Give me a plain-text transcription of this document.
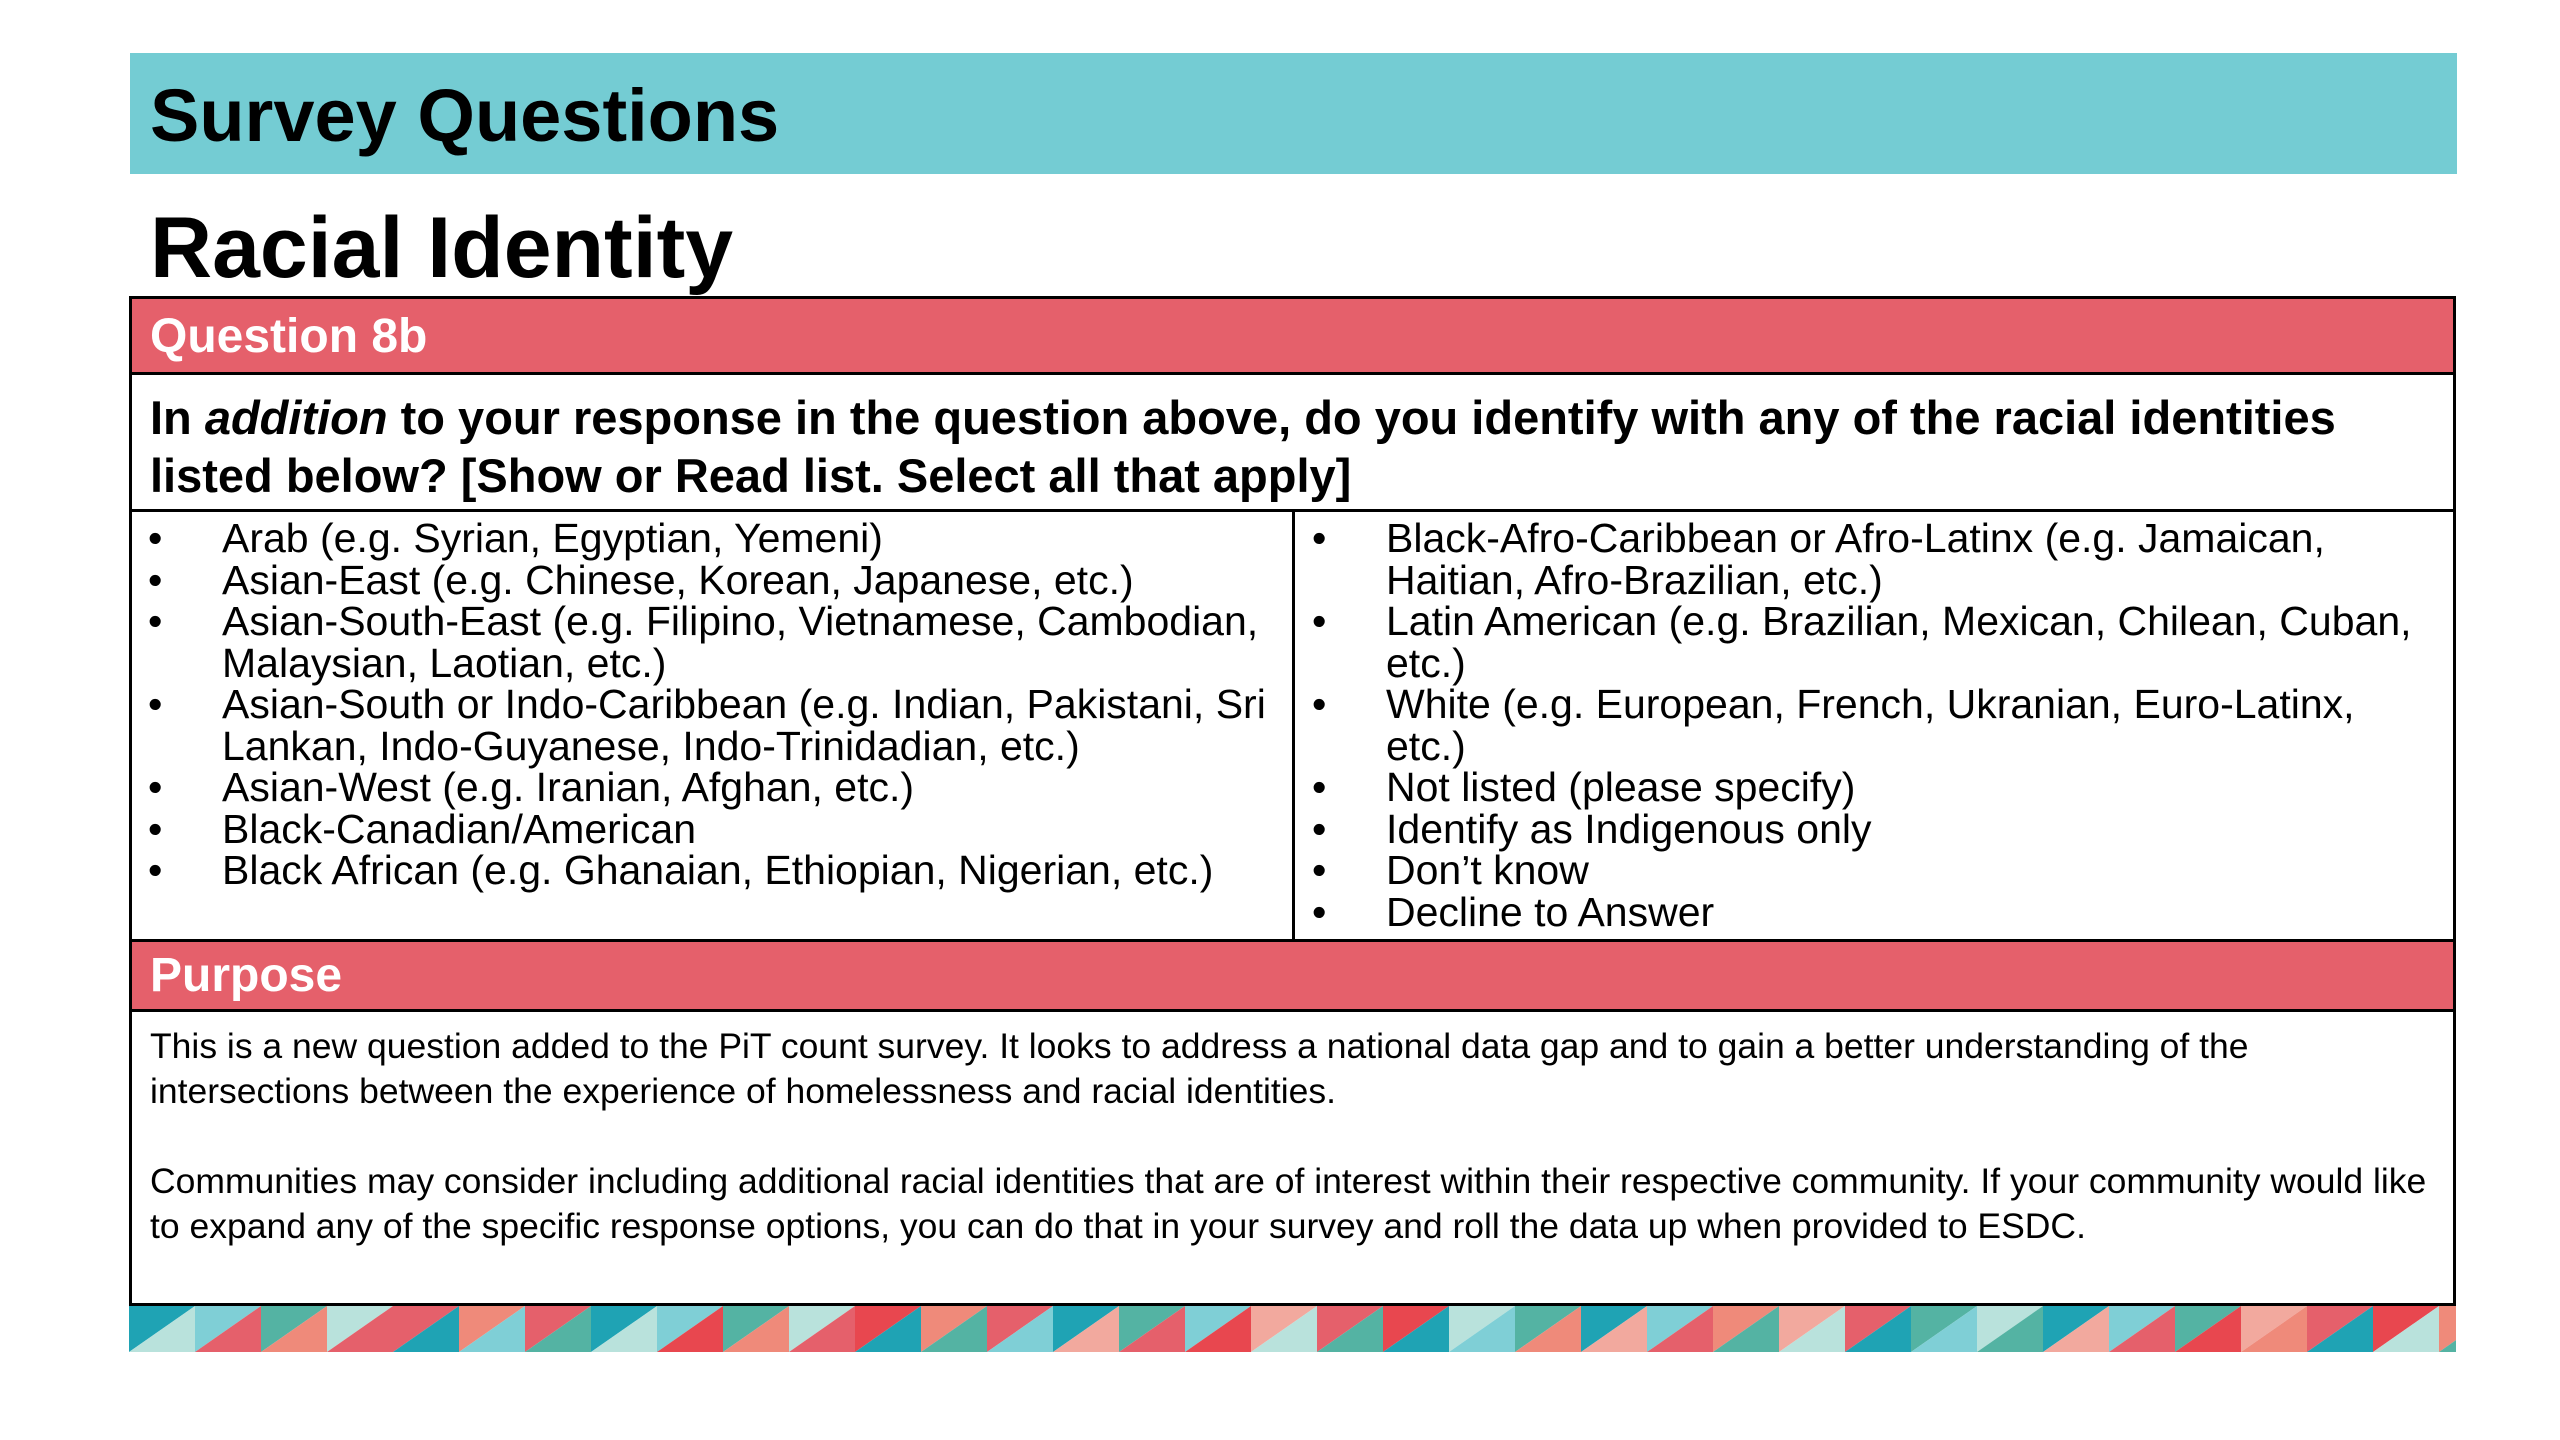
Survey Questions
Racial Identity
Question 8b
In addition to your response in the question above, do you identify with any of the racial identities listed below? [Show or Read list. Select all that apply]
• Arab (e.g. Syrian, Egyptian, Yemeni)
• Asian-East (e.g. Chinese, Korean, Japanese, etc.)
• Asian-South-East (e.g. Filipino, Vietnamese, Cambodian, Malaysian, Laotian, etc.)
• Asian-South or Indo-Caribbean (e.g. Indian, Pakistani, Sri Lankan, Indo-Guyanese, Indo-Trinidadian, etc.)
• Asian-West (e.g. Iranian, Afghan, etc.)
• Black-Canadian/American
• Black African (e.g. Ghanaian, Ethiopian, Nigerian, etc.)
• Black-Afro-Caribbean or Afro-Latinx (e.g. Jamaican, Haitian, Afro-Brazilian, etc.)
• Latin American (e.g. Brazilian, Mexican, Chilean, Cuban, etc.)
• White (e.g. European, French, Ukranian, Euro-Latinx, etc.)
• Not listed (please specify)
• Identify as Indigenous only
• Don’t know
• Decline to Answer
Purpose

This is a new question added to the PiT count survey. It looks to address a national data gap and to gain a better understanding of the intersections between the experience of homelessness and racial identities.

Communities may consider including additional racial identities that are of interest within their respective community. If your community would like to expand any of the specific response options, you can do that in your survey and roll the data up when provided to ESDC.
